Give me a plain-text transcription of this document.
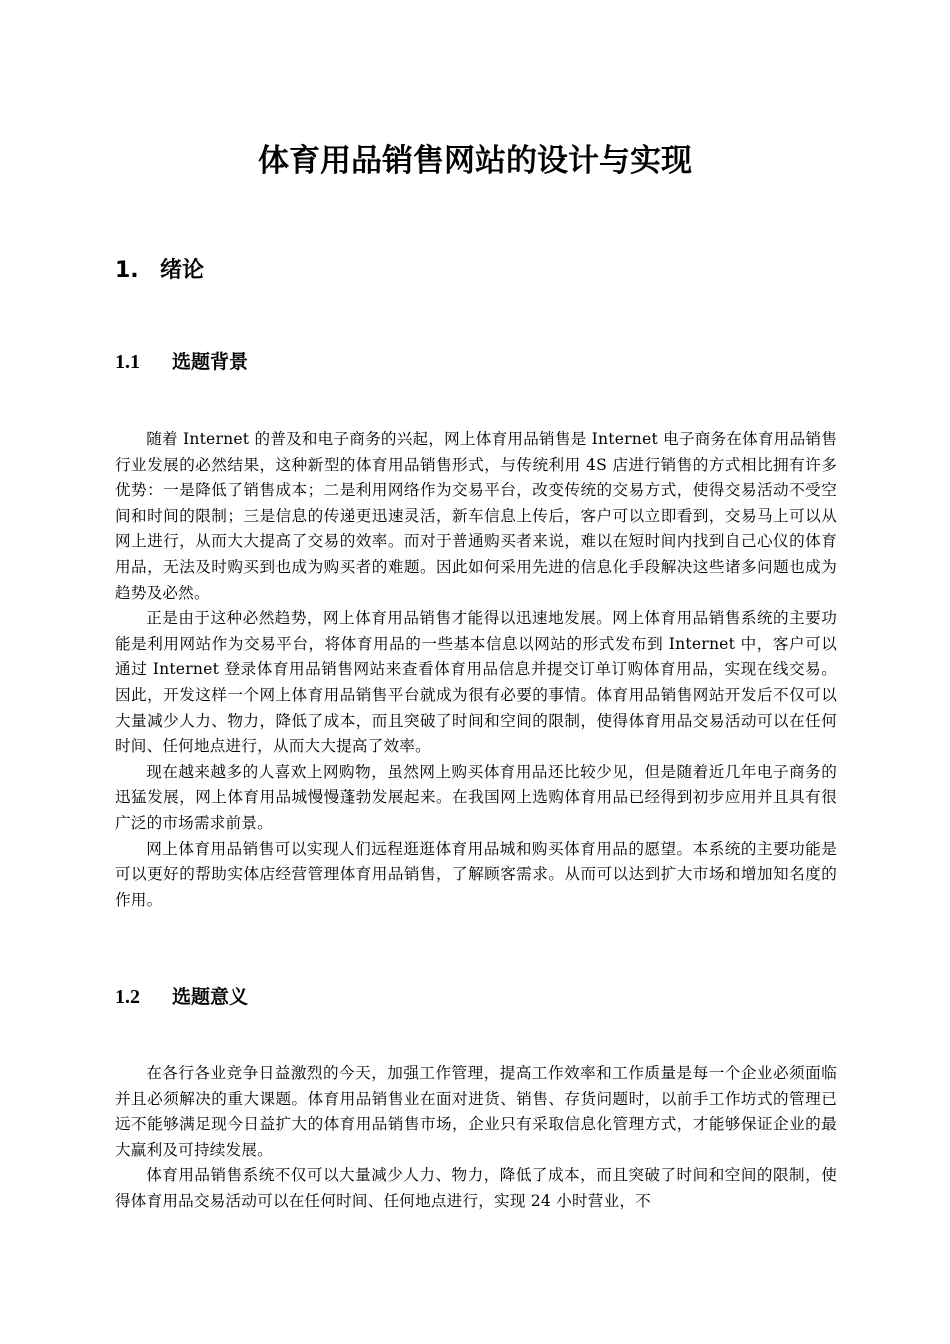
体育用品销售网站的设计与实现
1. 绪论
1.1 选题背景

随着 Internet 的普及和电子商务的兴起，网上体育用品销售是 Internet 电子商务在体育用品销售行业发展的必然结果，这种新型的体育用品销售形式，与传统利用 4S 店进行销售的方式相比拥有许多优势：一是降低了销售成本；二是利用网络作为交易平台，改变传统的交易方式，使得交易活动不受空间和时间的限制；三是信息的传递更迅速灵活，新车信息上传后，客户可以立即看到，交易马上可以从网上进行，从而大大提高了交易的效率。而对于普通购买者来说，难以在短时间内找到自己心仪的体育用品，无法及时购买到也成为购买者的难题。因此如何采用先进的信息化手段解决这些诸多问题也成为趋势及必然。

正是由于这种必然趋势，网上体育用品销售才能得以迅速地发展。网上体育用品销售系统的主要功能是利用网站作为交易平台，将体育用品的一些基本信息以网站的形式发布到 Internet 中，客户可以通过 Internet 登录体育用品销售网站来查看体育用品信息并提交订单订购体育用品，实现在线交易。因此，开发这样一个网上体育用品销售平台就成为很有必要的事情。体育用品销售网站开发后不仅可以大量减少人力、物力，降低了成本，而且突破了时间和空间的限制，使得体育用品交易活动可以在任何时间、任何地点进行，从而大大提高了效率。

现在越来越多的人喜欢上网购物，虽然网上购买体育用品还比较少见，但是随着近几年电子商务的迅猛发展，网上体育用品城慢慢蓬勃发展起来。在我国网上选购体育用品已经得到初步应用并且具有很广泛的市场需求前景。

网上体育用品销售可以实现人们远程逛逛体育用品城和购买体育用品的愿望。本系统的主要功能是可以更好的帮助实体店经营管理体育用品销售，了解顾客需求。从而可以达到扩大市场和增加知名度的作用。

1.2 选题意义

在各行各业竞争日益激烈的今天，加强工作管理，提高工作效率和工作质量是每一个企业必须面临并且必须解决的重大课题。体育用品销售业在面对进货、销售、存货问题时，以前手工作坊式的管理已远不能够满足现今日益扩大的体育用品销售市场，企业只有采取信息化管理方式，才能够保证企业的最大赢利及可持续发展。

体育用品销售系统不仅可以大量减少人力、物力，降低了成本，而且突破了时间和空间的限制，使得体育用品交易活动可以在任何时间、任何地点进行，实现 24 小时营业，不
